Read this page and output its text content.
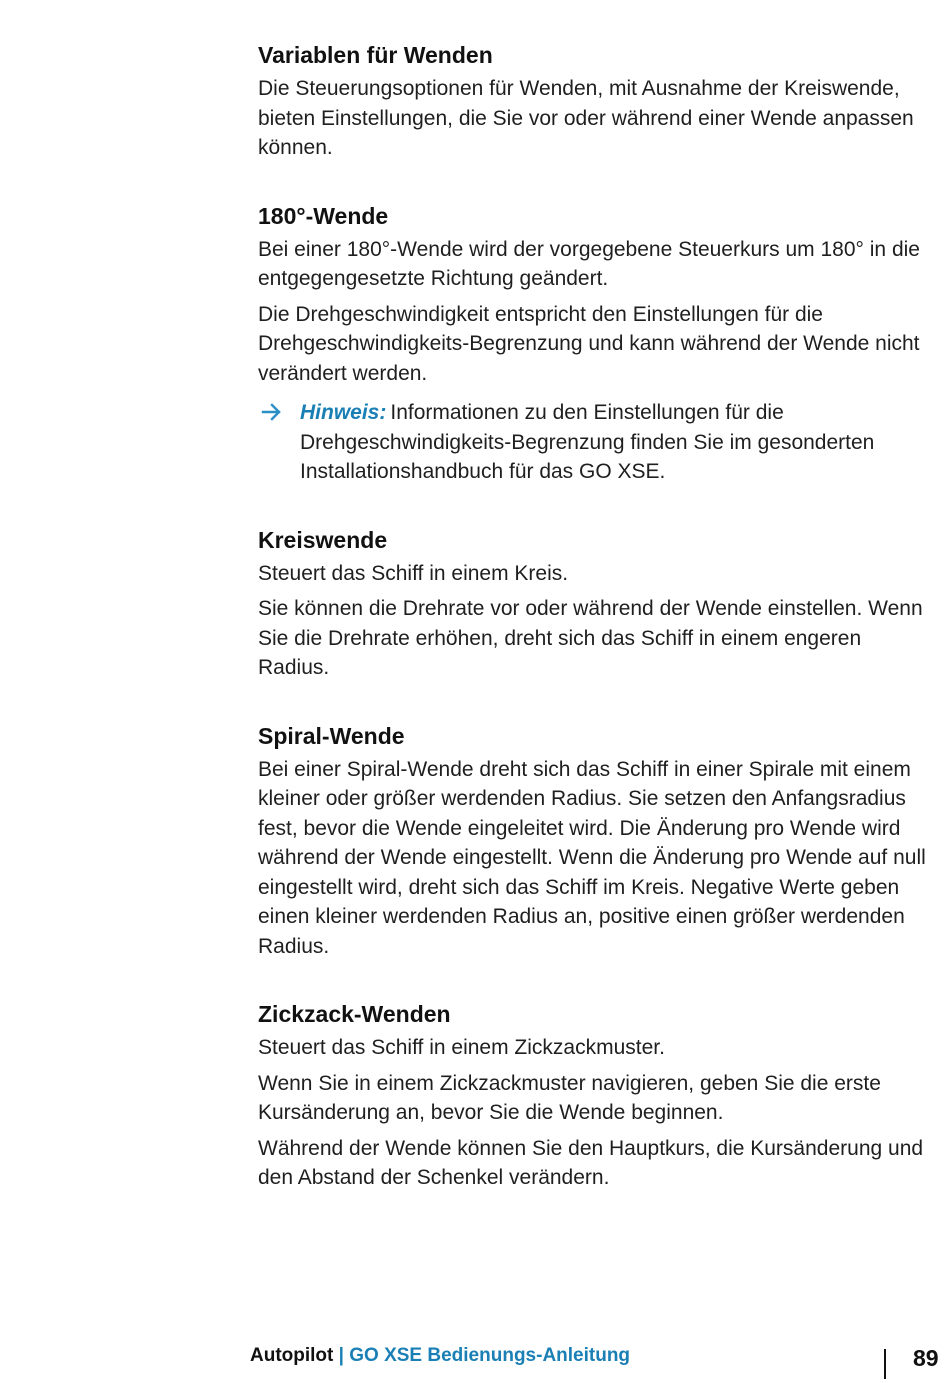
Variablen für Wenden

Die Steuerungsoptionen für Wenden, mit Ausnahme der Kreiswende, bieten Einstellungen, die Sie vor oder während einer Wende anpassen können.

180°-Wende

Bei einer 180°-Wende wird der vorgegebene Steuerkurs um 180° in die entgegengesetzte Richtung geändert.

Die Drehgeschwindigkeit entspricht den Einstellungen für die Drehgeschwindigkeits-Begrenzung und kann während der Wende nicht verändert werden.

Hinweis: Informationen zu den Einstellungen für die Drehgeschwindigkeits-Begrenzung finden Sie im gesonderten Installationshandbuch für das GO XSE.
Kreiswende

Steuert das Schiff in einem Kreis.

Sie können die Drehrate vor oder während der Wende einstellen. Wenn Sie die Drehrate erhöhen, dreht sich das Schiff in einem engeren Radius.

Spiral-Wende

Bei einer Spiral-Wende dreht sich das Schiff in einer Spirale mit einem kleiner oder größer werdenden Radius. Sie setzen den Anfangsradius fest, bevor die Wende eingeleitet wird. Die Änderung pro Wende wird während der Wende eingestellt. Wenn die Änderung pro Wende auf null eingestellt wird, dreht sich das Schiff im Kreis. Negative Werte geben einen kleiner werdenden Radius an, positive einen größer werdenden Radius.

Zickzack-Wenden

Steuert das Schiff in einem Zickzackmuster.

Wenn Sie in einem Zickzackmuster navigieren, geben Sie die erste Kursänderung an, bevor Sie die Wende beginnen.

Während der Wende können Sie den Hauptkurs, die Kursänderung und den Abstand der Schenkel verändern.

Autopilot | GO XSE Bedienungs-Anleitung	89
